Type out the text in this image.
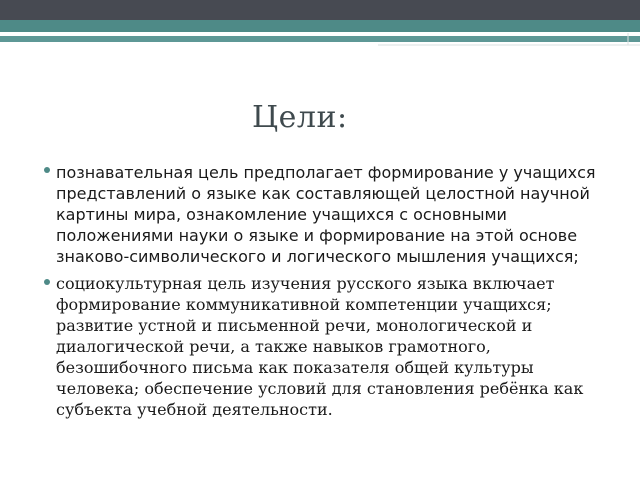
Цели:
познавательная цель предполагает формирование у учащихся представлений о языке как составляющей целостной научной картины мира, ознакомление учащихся с основными положениями науки о языке и формирование на этой основе знаково-символического и логического мышления учащихся;
социокультурная цель изучения русского языка включает формирование коммуникативной компетенции учащихся; развитие устной и письменной речи, монологической и диалогической речи, а также навыков грамотного, безошибочного письма как показателя общей культуры человека; обеспечение условий для становления ребёнка как субъекта учебной деятельности.
